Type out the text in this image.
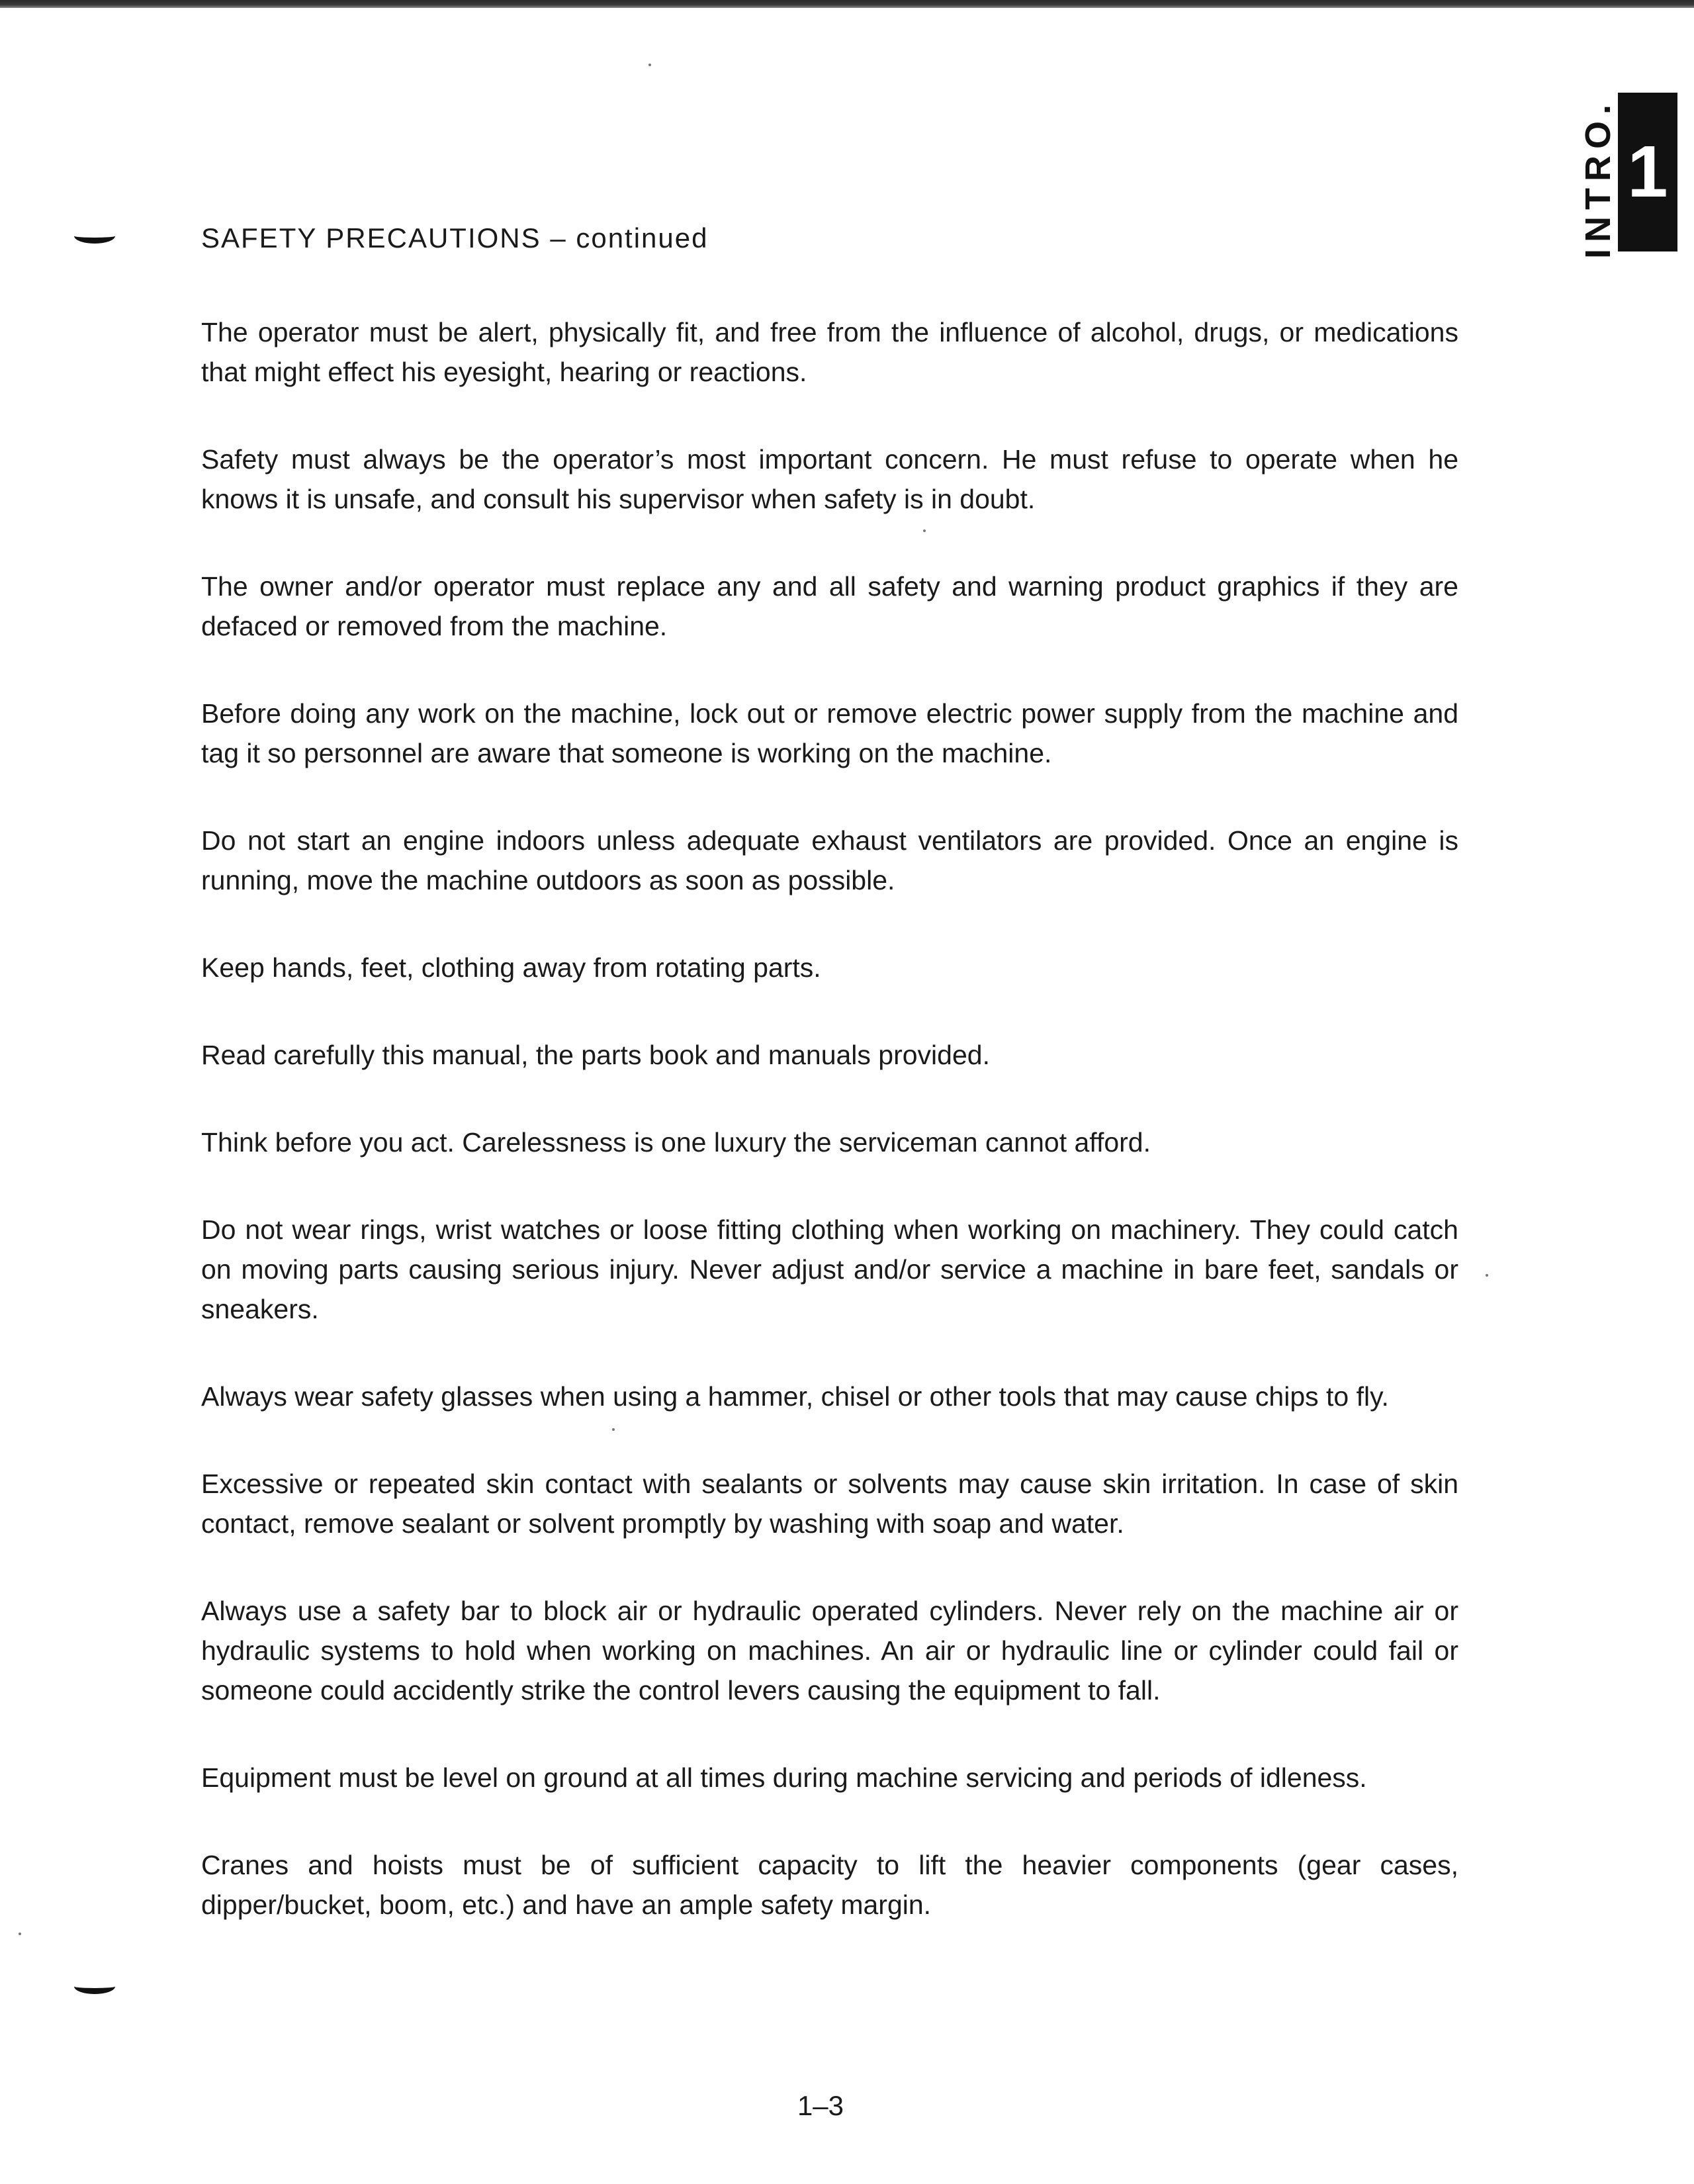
INTRO. 1
SAFETY PRECAUTIONS – continued

The operator must be alert, physically fit, and free from the influence of alcohol, drugs, or medications that might effect his eyesight, hearing or reactions.

Safety must always be the operator’s most important concern. He must refuse to operate when he knows it is unsafe, and consult his supervisor when safety is in doubt.

The owner and/or operator must replace any and all safety and warning product graphics if they are defaced or removed from the machine.

Before doing any work on the machine, lock out or remove electric power supply from the machine and tag it so personnel are aware that someone is working on the machine.

Do not start an engine indoors unless adequate exhaust ventilators are provided. Once an engine is running, move the machine outdoors as soon as possible.

Keep hands, feet, clothing away from rotating parts.

Read carefully this manual, the parts book and manuals provided.

Think before you act. Carelessness is one luxury the serviceman cannot afford.

Do not wear rings, wrist watches or loose fitting clothing when working on machinery. They could catch on moving parts causing serious injury. Never adjust and/or service a machine in bare feet, sandals or sneakers.

Always wear safety glasses when using a hammer, chisel or other tools that may cause chips to fly.

Excessive or repeated skin contact with sealants or solvents may cause skin irritation. In case of skin contact, remove sealant or solvent promptly by washing with soap and water.

Always use a safety bar to block air or hydraulic operated cylinders. Never rely on the machine air or hydraulic systems to hold when working on machines. An air or hydraulic line or cylinder could fail or someone could accidently strike the control levers causing the equipment to fall.

Equipment must be level on ground at all times during machine servicing and periods of idleness.

Cranes and hoists must be of sufficient capacity to lift the heavier components (gear cases, dipper/bucket, boom, etc.) and have an ample safety margin.

1–3
